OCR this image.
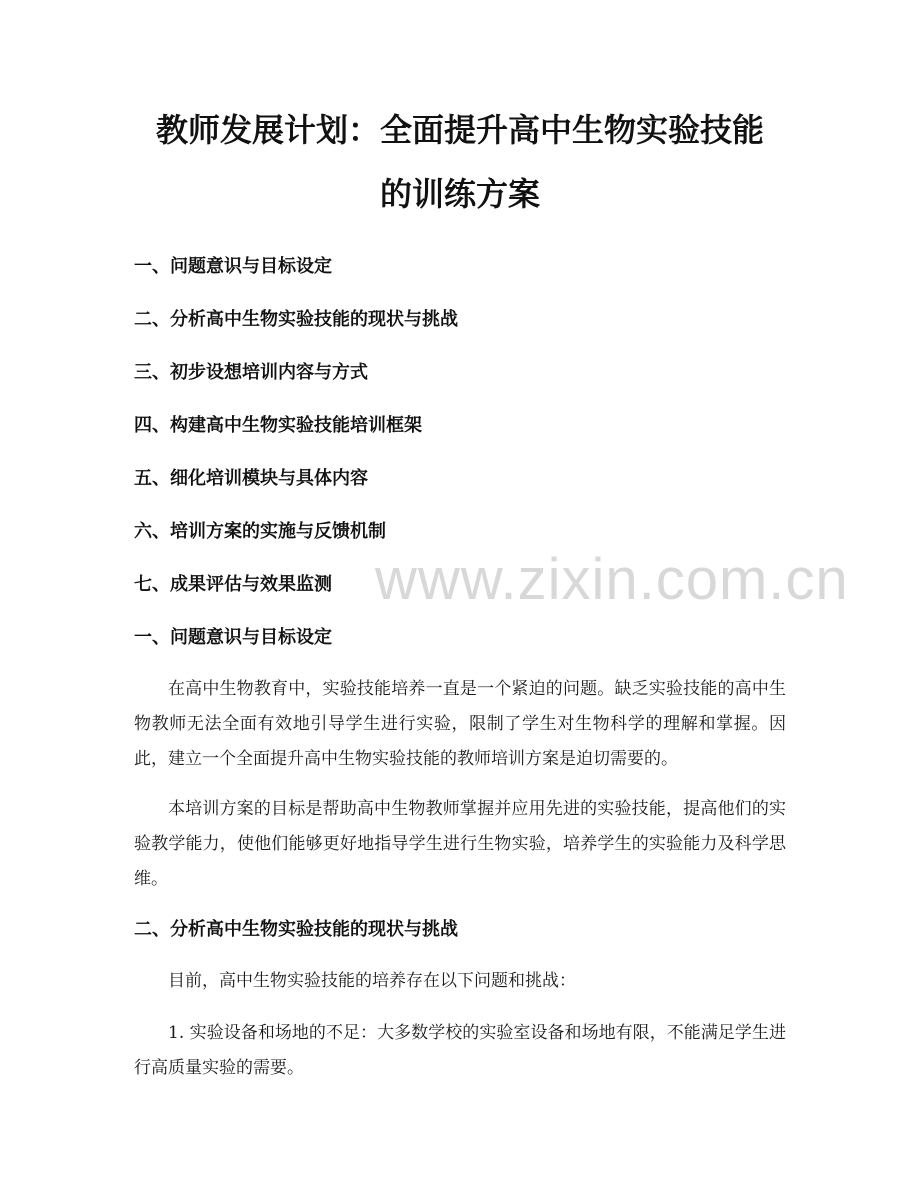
教师发展计划：全面提升高中生物实验技能
的训练方案
一、问题意识与目标设定
二、分析高中生物实验技能的现状与挑战
三、初步设想培训内容与方式
四、构建高中生物实验技能培训框架
五、细化培训模块与具体内容
六、培训方案的实施与反馈机制
七、成果评估与效果监测
一、问题意识与目标设定
在高中生物教育中，实验技能培养一直是一个紧迫的问题。缺乏实验技能的高中生物教师无法全面有效地引导学生进行实验，限制了学生对生物科学的理解和掌握。因此，建立一个全面提升高中生物实验技能的教师培训方案是迫切需要的。
本培训方案的目标是帮助高中生物教师掌握并应用先进的实验技能，提高他们的实验教学能力，使他们能够更好地指导学生进行生物实验，培养学生的实验能力及科学思维。
二、分析高中生物实验技能的现状与挑战
目前，高中生物实验技能的培养存在以下问题和挑战：
1. 实验设备和场地的不足：大多数学校的实验室设备和场地有限，不能满足学生进行高质量实验的需要。
www.zixin.com.cn
